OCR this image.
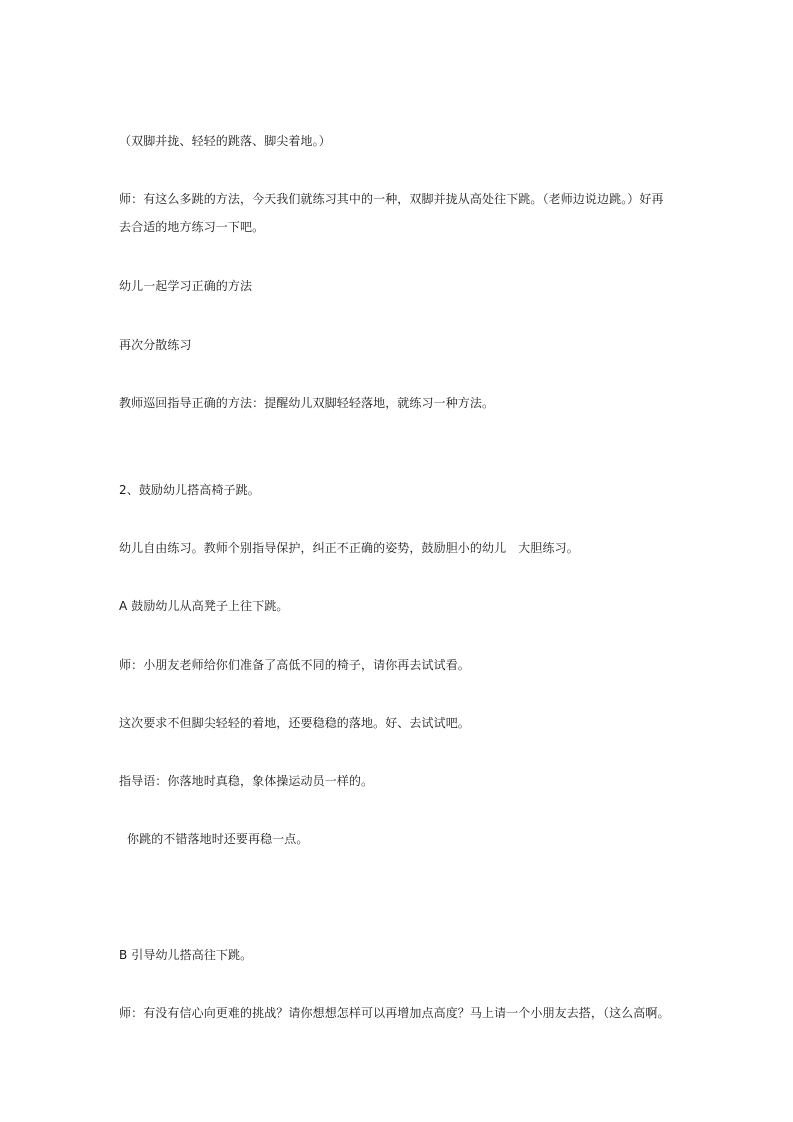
（双脚并拢、轻轻的跳落、脚尖着地。）
师：有这么多跳的方法，今天我们就练习其中的一种，双脚并拢从高处往下跳。（老师边说边跳。）好再
去合适的地方练习一下吧。
幼儿一起学习正确的方法
再次分散练习
教师巡回指导正确的方法：提醒幼儿双脚轻轻落地，就练习一种方法。
2、鼓励幼儿搭高椅子跳。
幼儿自由练习。教师个别指导保护，纠正不正确的姿势，鼓励胆小的幼儿　大胆练习。
A 鼓励幼儿从高凳子上往下跳。
师：小朋友老师给你们准备了高低不同的椅子，请你再去试试看。
这次要求不但脚尖轻轻的着地，还要稳稳的落地。好、去试试吧。
指导语：你落地时真稳，象体操运动员一样的。
你跳的不错落地时还要再稳一点。
B 引导幼儿搭高往下跳。
师：有没有信心向更难的挑战？请你想想怎样可以再增加点高度？马上请一个小朋友去搭，（这么高啊。
